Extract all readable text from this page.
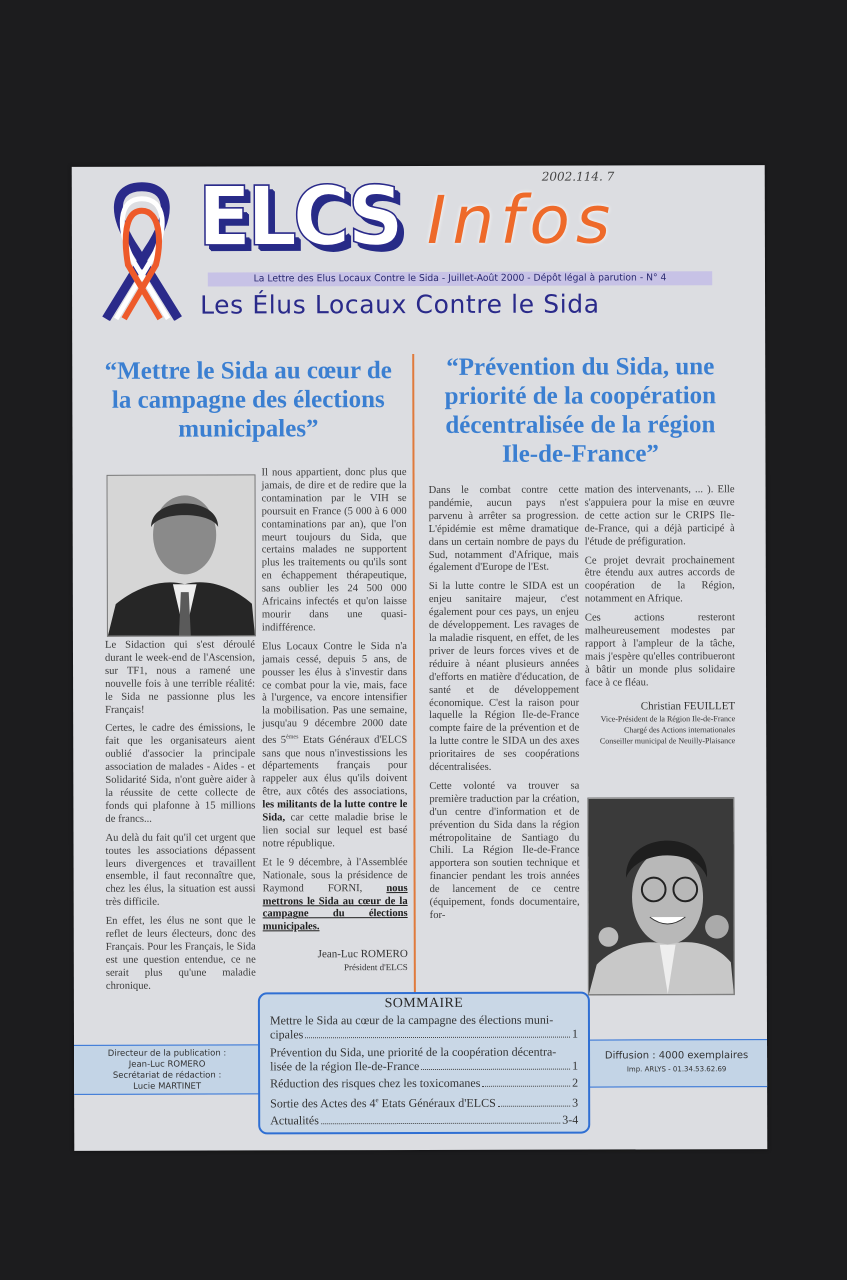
2002.114. 7
ELCS Infos
La Lettre des Elus Locaux Contre le Sida - Juillet-Août 2000 - Dépôt légal à parution - N° 4
Les Élus Locaux Contre le Sida
“Mettre le Sida au cœur de la campagne des élections municipales”

Le Sidaction qui s'est déroulé durant le week-end de l'Ascension, sur TF1, nous a ramené une nouvelle fois à une terrible réalité: le Sida ne passionne plus les Français!

Certes, le cadre des émissions, le fait que les organisateurs aient oublié d'associer la principale association de malades - Aides - et Solidarité Sida, n'ont guère aider à la réussite de cette collecte de fonds qui plafonne à 15 millions de francs...

Au delà du fait qu'il cet urgent que toutes les associations dépassent leurs divergences et travaillent ensemble, il faut reconnaître que, chez les élus, la situation est aussi très difficile.

En effet, les élus ne sont que le reflet de leurs électeurs, donc des Français. Pour les Français, le Sida est une question entendue, ce ne serait plus qu'une maladie chronique.

Il nous appartient, donc plus que jamais, de dire et de redire que la contamination par le VIH se poursuit en France (5 000 à 6 000 contaminations par an), que l'on meurt toujours du Sida, que certains malades ne supportent plus les traitements ou qu'ils sont en échappement thérapeutique, sans oublier les 24 500 000 Africains infectés et qu'on laisse mourir dans une quasi-indifférence.

Elus Locaux Contre le Sida n'a jamais cessé, depuis 5 ans, de pousser les élus à s'investir dans ce combat pour la vie, mais, face à l'urgence, va encore intensifier la mobilisation. Pas une semaine, jusqu'au 9 décembre 2000 date des 5èmes Etats Généraux d'ELCS sans que nous n'investissions les départements français pour rappeler aux élus qu'ils doivent être, aux côtés des associations, les militants de la lutte contre le Sida, car cette maladie brise le lien social sur lequel est basé notre république.

Et le 9 décembre, à l'Assemblée Nationale, sous la présidence de Raymond FORNI, nous mettrons le Sida au cœur de la campagne du élections municipales.

Jean-Luc ROMERO
Président d'ELCS
“Prévention du Sida, une priorité de la coopération décentralisée de la région Ile-de-France”

Dans le combat contre cette pandémie, aucun pays n'est parvenu à arrêter sa progression. L'épidémie est même dramatique dans un certain nombre de pays du Sud, notamment d'Afrique, mais également d'Europe de l'Est.

Si la lutte contre le SIDA est un enjeu sanitaire majeur, c'est également pour ces pays, un enjeu de développement. Les ravages de la maladie risquent, en effet, de les priver de leurs forces vives et de réduire à néant plusieurs années d'efforts en matière d'éducation, de santé et de développement économique. C'est la raison pour laquelle la Région Ile-de-France compte faire de la prévention et de la lutte contre le SIDA un des axes prioritaires de ses coopérations décentralisées.

Cette volonté va trouver sa première traduction par la création, d'un centre d'information et de prévention du Sida dans la région métropolitaine de Santiago du Chili. La Région Ile-de-France apportera son soutien technique et financier pendant les trois années de lancement de ce centre (équipement, fonds documentaire, for-

mation des intervenants, ... ). Elle s'appuiera pour la mise en œuvre de cette action sur le CRIPS Ile-de-France, qui a déjà participé à l'étude de préfiguration.

Ce projet devrait prochainement être étendu aux autres accords de coopération de la Région, notamment en Afrique.

Ces actions resteront malheureusement modestes par rapport à l'ampleur de la tâche, mais j'espère qu'elles contribueront à bâtir un monde plus solidaire face à ce fléau.

Christian FEUILLET
Vice-Président de la Région Ile-de-France
Chargé des Actions internationales
Conseiller municipal de Neuilly-Plaisance
Directeur de la publication :
Jean-Luc ROMERO
Secrétariat de rédaction :
Lucie MARTINET
Diffusion : 4000 exemplaires
Imp. ARLYS - 01.34.53.62.69
SOMMAIRE
Mettre le Sida au cœur de la campagne des élections muni-
cipales	1
Prévention du Sida, une priorité de la coopération décentra-
lisée de la région Ile-de-France	1
Réduction des risques chez les toxicomanes	2
Sortie des Actes des 4e Etats Généraux d'ELCS	3
Actualités	3-4
